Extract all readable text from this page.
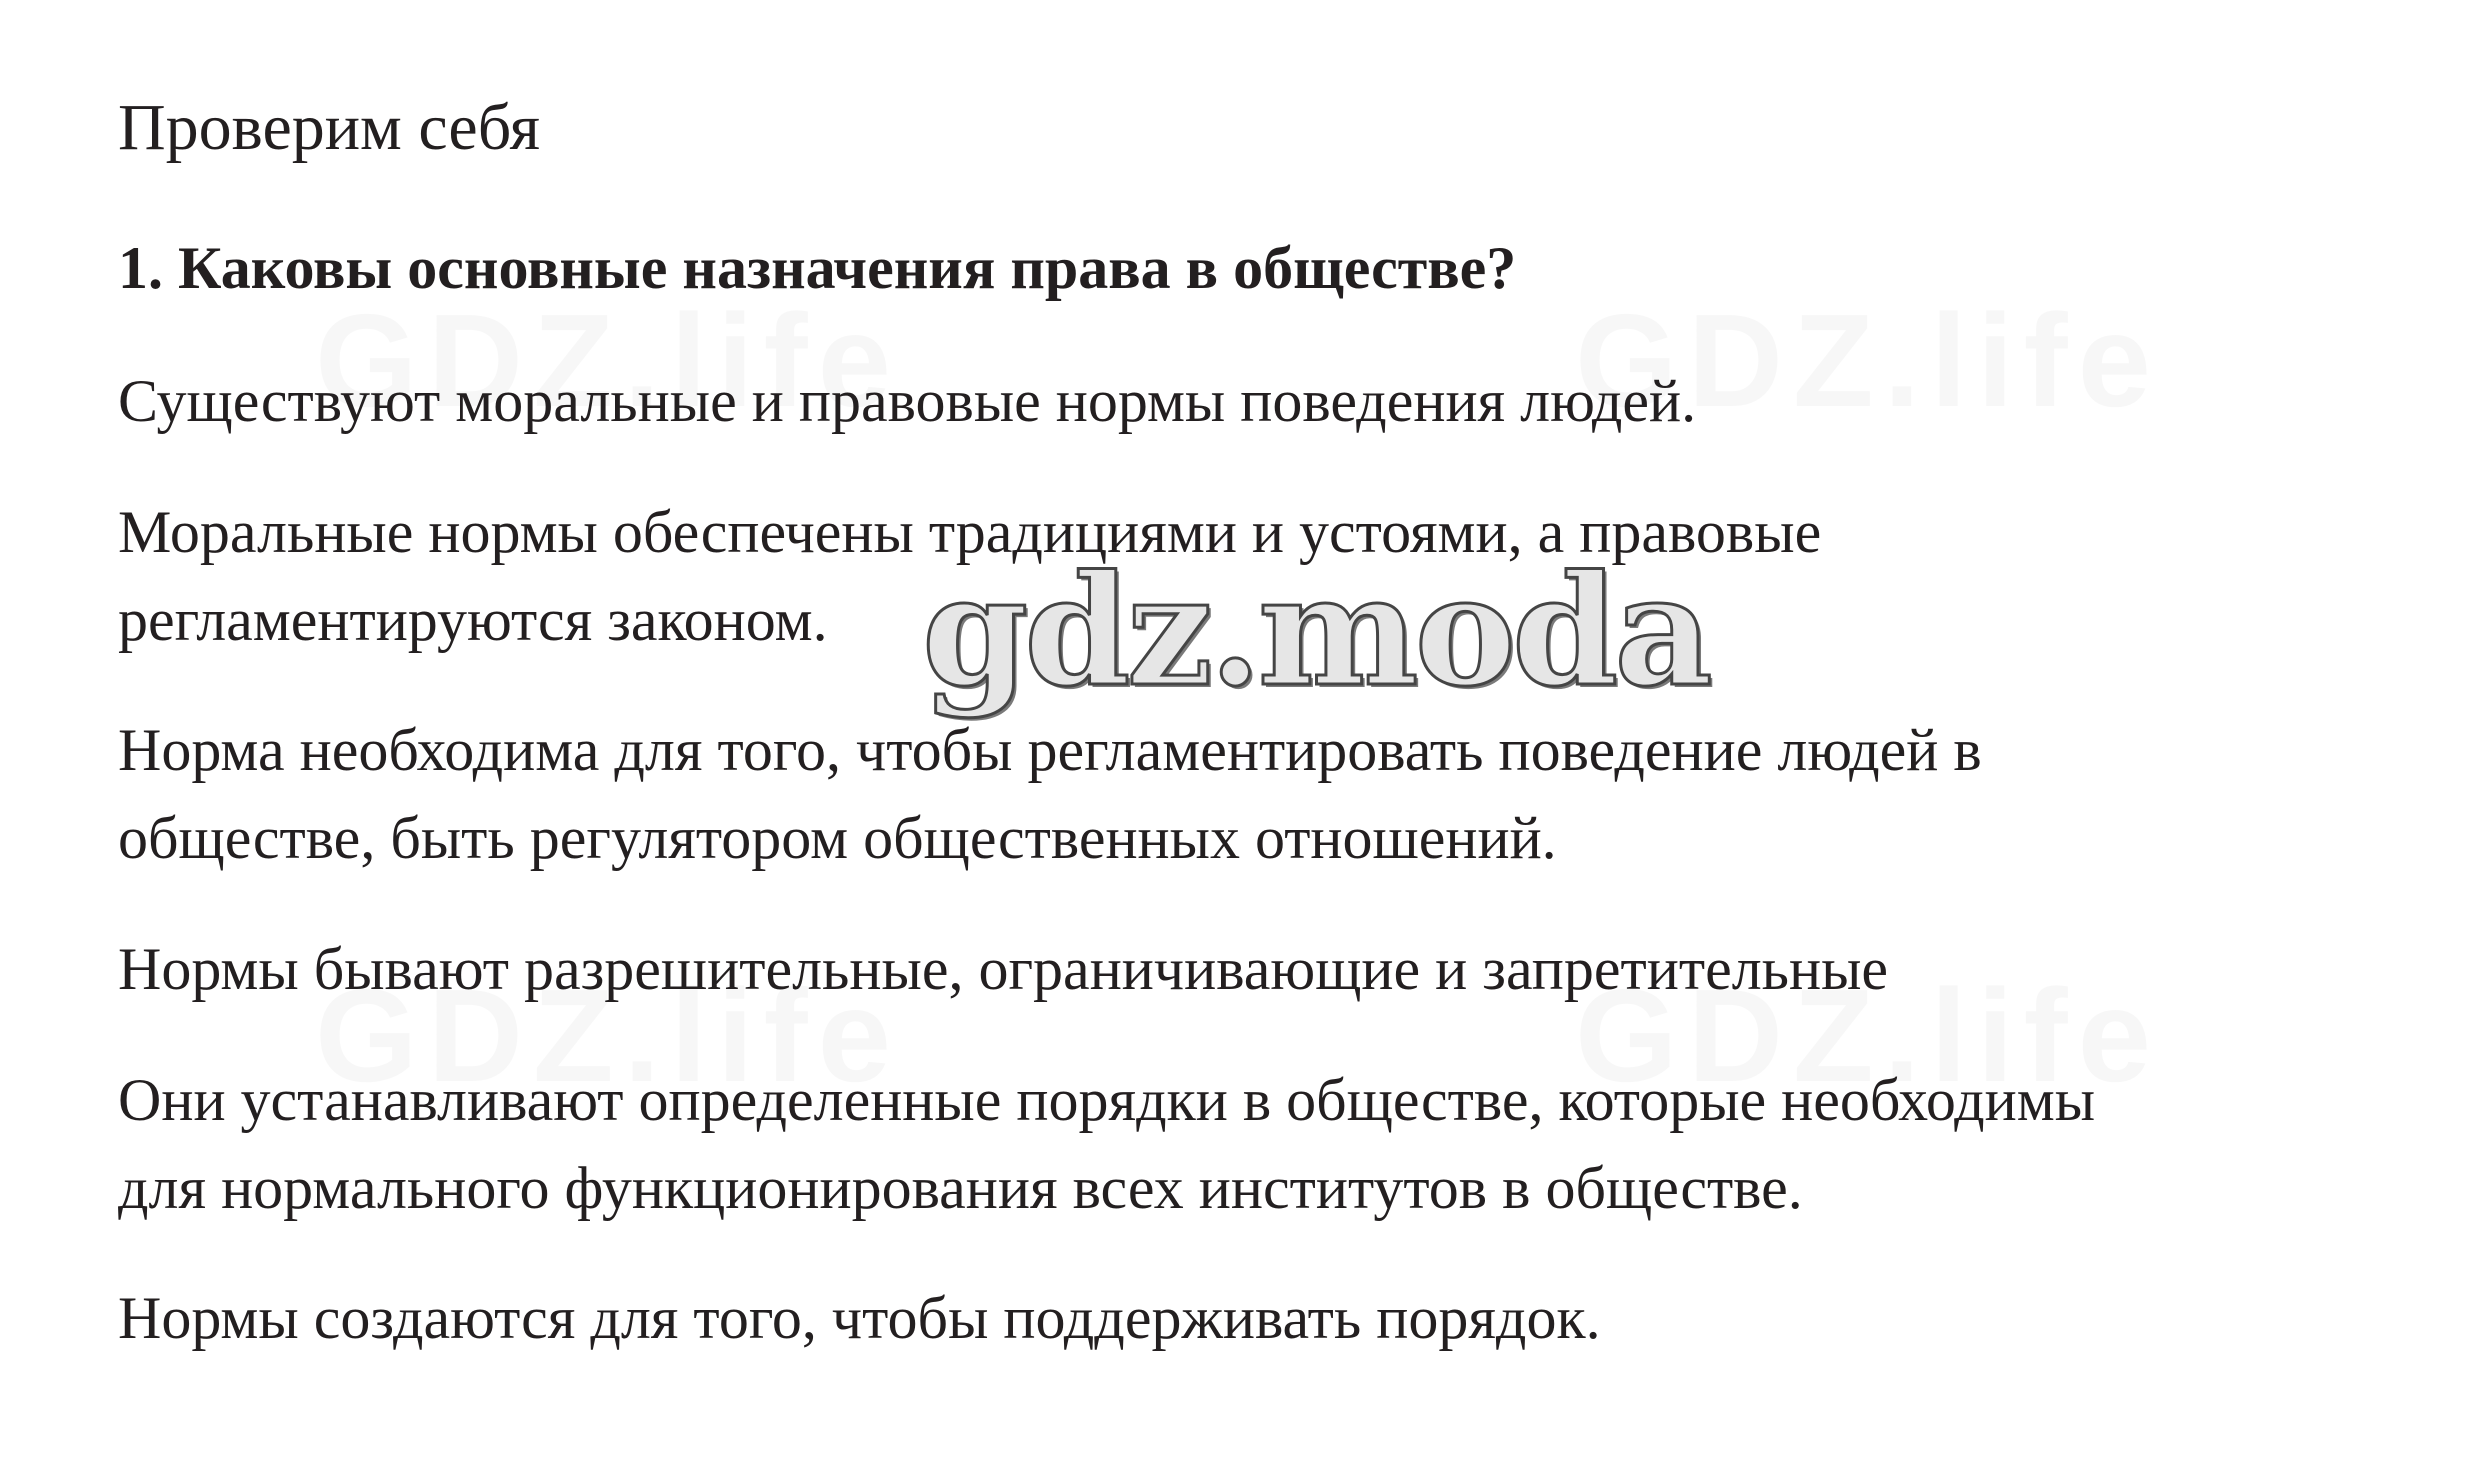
Проверим себя
1. Каковы основные назначения права в обществе?
Существуют моральные и правовые нормы поведения людей.
Моральные нормы обеспечены традициями и устоями, а правовые
регламентируются законом.
Норма необходима для того, чтобы регламентировать поведение людей в
обществе, быть регулятором общественных отношений.
Нормы бывают разрешительные, ограничивающие и запретительные
Они устанавливают определенные порядки в обществе, которые необходимы
для нормального функционирования всех институтов в обществе.
Нормы создаются для того, чтобы поддерживать порядок.
gdz.moda
